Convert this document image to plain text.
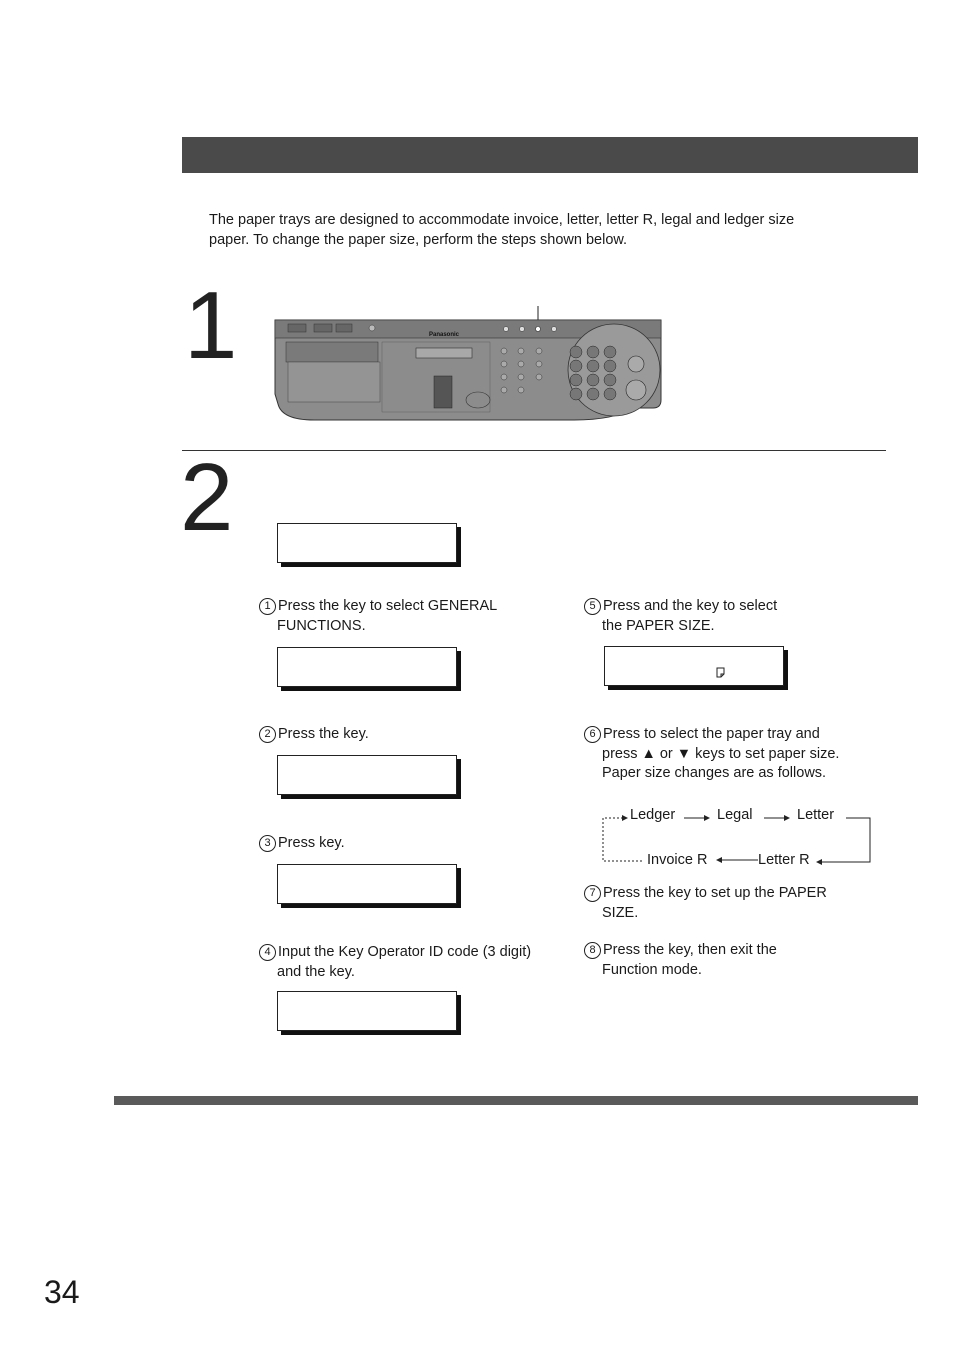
The paper trays are designed to accommodate invoice, letter, letter R, legal and ledger size
paper. To change the paper size, perform the steps shown below.
1	Panasonic
2
1 Press the key to select GENERAL
FUNCTIONS.
2 Press the key.
3 Press key.
4 Input the Key Operator ID code (3 digit)
and the key.
5 Press and the key to select
the PAPER SIZE.
6 Press to select the paper tray and
press ▲ or ▼ keys to set paper size.
Paper size changes are as follows.
Ledger	Legal	Letter
Invoice R	Letter R
7 Press the key to set up the PAPER
SIZE.
8 Press the key, then exit the
Function mode.
34
